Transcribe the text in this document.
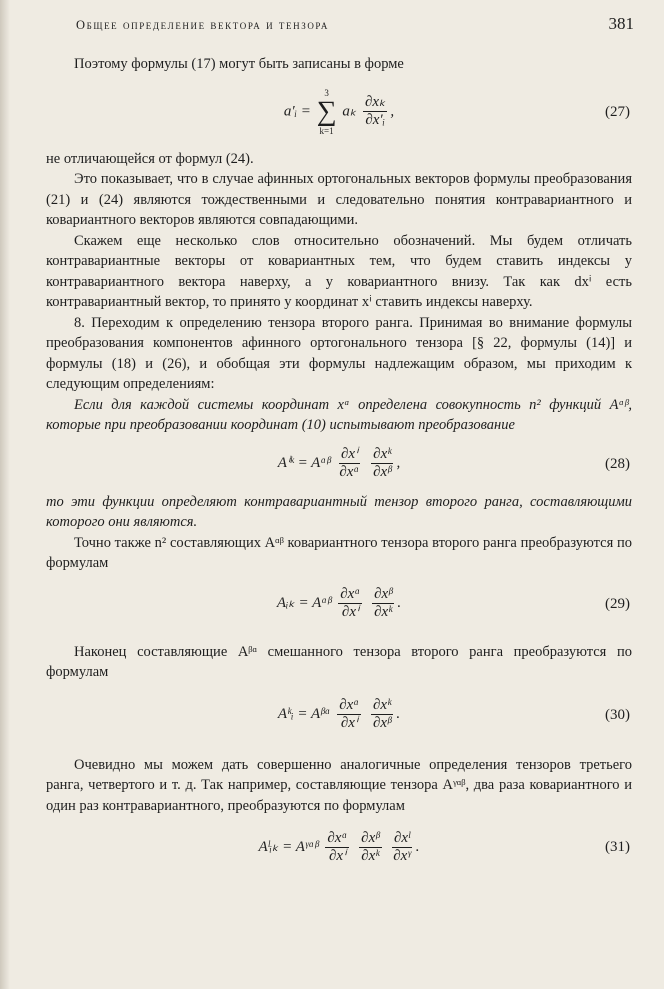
Общее определение вектора и тензора	381

Поэтому формулы (17) могут быть записаны в форме

a′ᵢ =
3
∑
k=1
aₖ $\frac{\text{∂xₖ}}{\text{∂x′ᵢ}}$ ,	(27)

не отличающейся от формул (24).

Это показывает, что в случае афинных ортогональных векторов формулы преобразования (21) и (24) являются тождественными и следовательно понятия контравариантного и ковариантного векторов являются совпадающими.

Скажем еще несколько слов относительно обозначений. Мы будем отличать контравариантные векторы от ковариантных тем, что будем ставить индексы у контравариантного вектора наверху, а у ковариантного внизу. Так как dxⁱ есть контравариантный вектор, то принято у координат xⁱ ставить индексы наверху.

8. Переходим к определению тензора второго ранга. Принимая во внимание формулы преобразования компонентов афинного ортогонального тензора [§ 22, формулы (14)] и формулы (18) и (26), и обобщая эти формулы надлежащим образом, мы приходим к следующим определениям:

Если для каждой системы координат xᵅ определена совокупность n² функций Aᵅᵝ, которые при преобразовании координат (10) испытывают преобразование

Aⁱᵏ = Aᵅᵝ $\frac{\text{∂xⁱ}}{\text{∂xᵅ}}$
$\frac{\text{∂xᵏ}}{\text{∂xᵝ}}$ ,	(28)

то эти функции определяют контравариантный тензор второго ранга, составляющими которого они являются.

Точно также n² составляющих Aᵅᵝ ковариантного тензора второго ранга преобразуются по формулам

Aᵢₖ = Aᵅᵝ $\frac{\text{∂xᵅ}}{\text{∂xⁱ}}$
$\frac{\text{∂xᵝ}}{\text{∂xᵏ}}$ .	(29)

Наконец составляющие Aᵝᵅ смешанного тензора второго ранга преобразуются по формулам

Aᵏᵢ = Aᵝᵅ $\frac{\text{∂xᵅ}}{\text{∂xⁱ}}$
$\frac{\text{∂xᵏ}}{\text{∂xᵝ}}$ .	(30)

Очевидно мы можем дать совершенно аналогичные определения тензоров третьего ранга, четвертого и т. д. Так например, составляющие тензора Aᵞᵅᵝ, два раза ковариантного и один раз контравариантного, преобразуются по формулам

Aˡᵢₖ = Aᵞᵅᵝ $\frac{\text{∂xᵅ}}{\text{∂xⁱ}}$
$\frac{\text{∂xᵝ}}{\text{∂xᵏ}}$
$\frac{\text{∂xˡ}}{\text{∂xᵞ}}$ .	(31)
